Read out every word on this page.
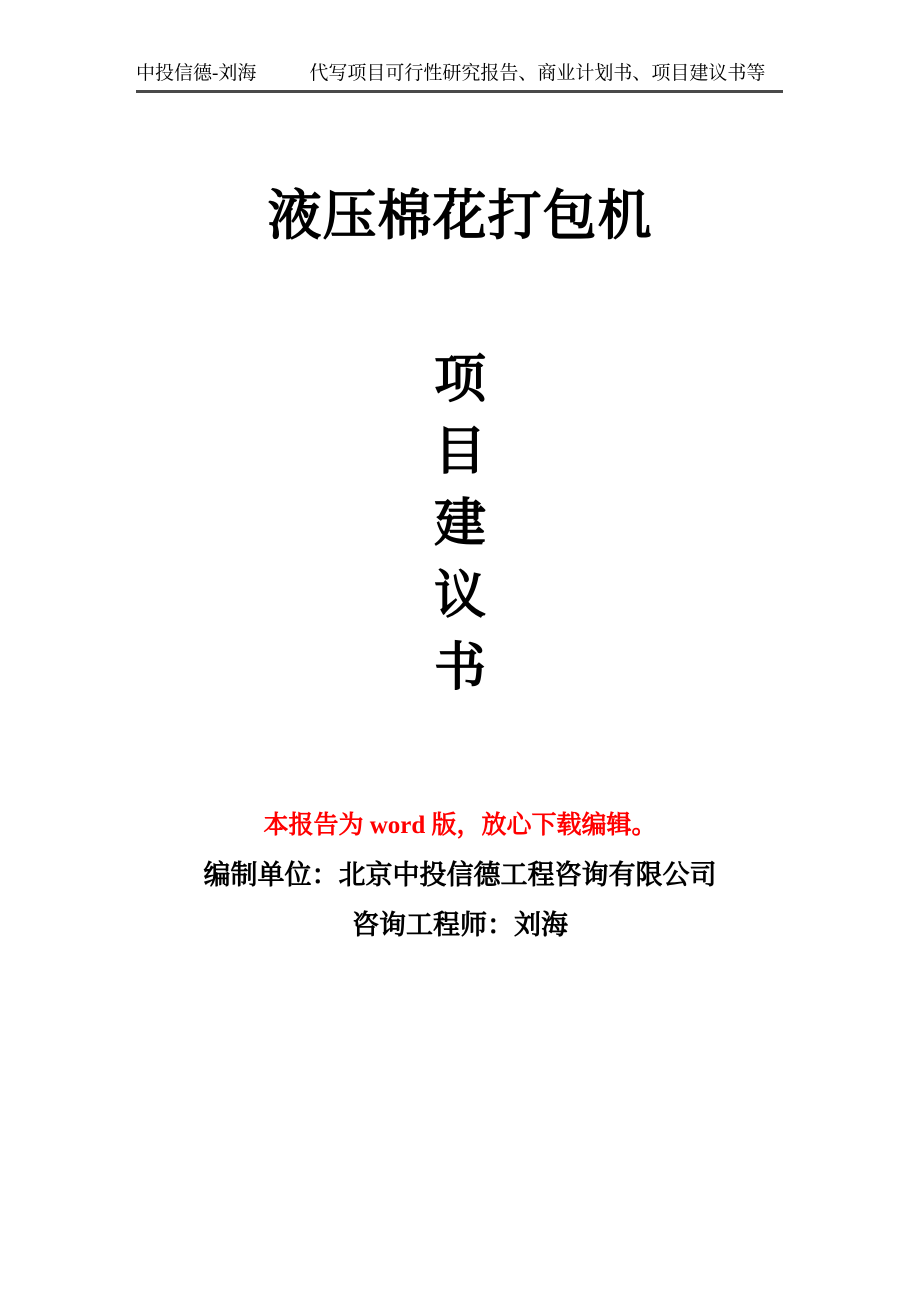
中投信德-刘海	代写项目可行性研究报告、商业计划书、项目建议书等
液压棉花打包机
项
目
建
议
书
本报告为 word 版，放心下载编辑。
编制单位：北京中投信德工程咨询有限公司
咨询工程师：刘海
